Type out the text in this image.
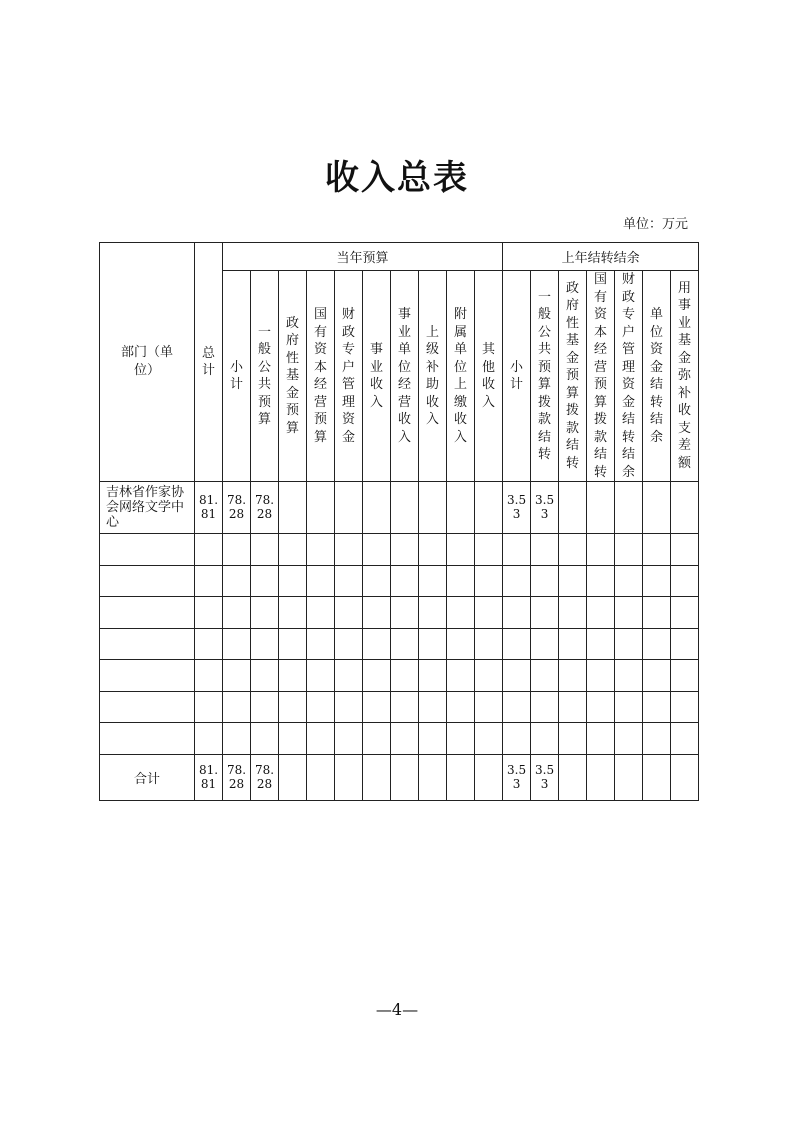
收入总表
单位：万元
部门（单位）	总计	当年预算										上年结转结余						
		小计	一般公共预算	政府性基金预算	国有资本经营预算	财政专户管理资金	事业收入	事业单位经营收入	上级补助收入	附属单位上缴收入	其他收入	小计	一般公共预算拨款结转	政府性基金预算拨款结转	国有资本经营预算拨款结转	财政专户管理资金结转结余	单位资金结转结余	用事业基金弥补收支差额
吉林省作家协会网络文学中心	81.81	78.28	78.28									3.53	3.53					

合计	81.81	78.28	78.28									3.53	3.53					
—4—
